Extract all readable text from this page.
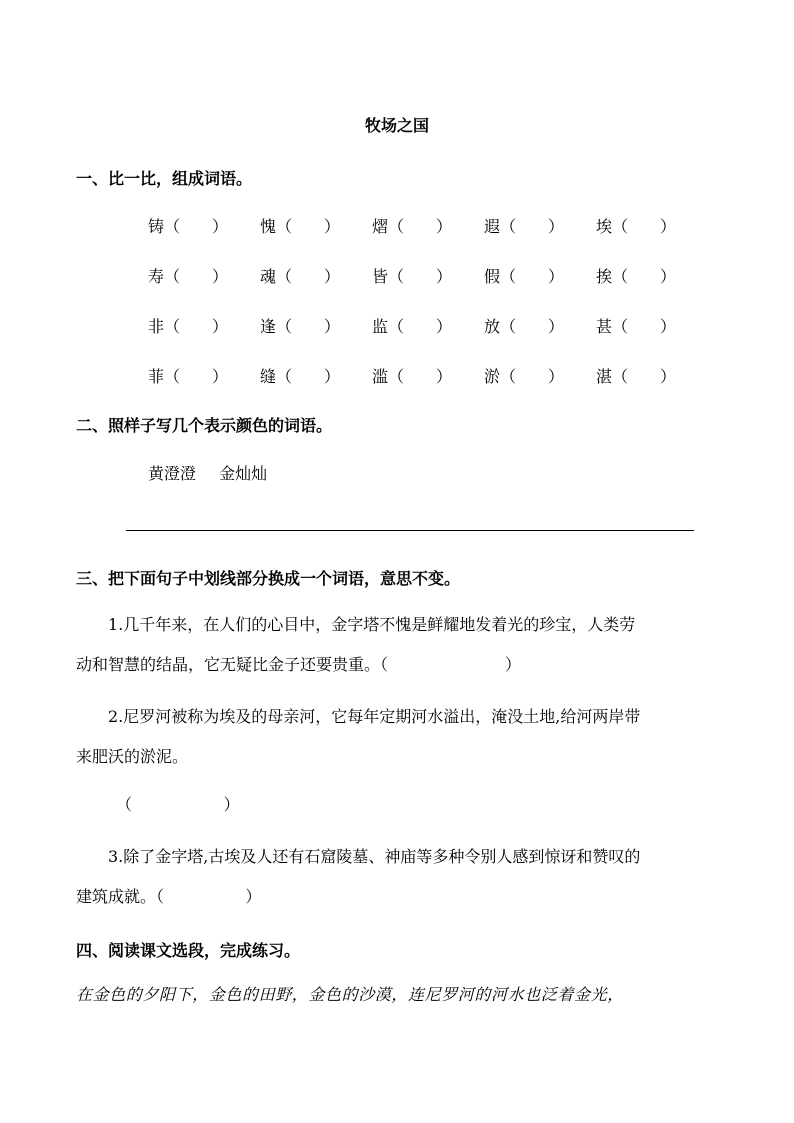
牧场之国
一、比一比，组成词语。
铸（　　） 愧（　　） 熠（　　） 遐（　　） 埃（　　）
寿（　　） 魂（　　） 皆（　　） 假（　　） 挨（　　）
非（　　） 逢（　　） 监（　　） 放（　　） 甚（　　）
菲（　　） 缝（　　） 滥（　　） 淤（　　） 湛（　　）
二、照样子写几个表示颜色的词语。
黄澄澄 金灿灿
三、把下面句子中划线部分换成一个词语，意思不变。
1.几千年来，在人们的心目中，金字塔不愧是鲜耀地发着光的珍宝，人类劳
动和智慧的结晶，它无疑比金子还要贵重。（	）
2.尼罗河被称为埃及的母亲河，它每年定期河水溢出，淹没土地,给河两岸带
来肥沃的淤泥。
（	）
3.除了金字塔,古埃及人还有石窟陵墓、神庙等多种令别人感到惊讶和赞叹的
建筑成就。（	）
四、阅读课文选段，完成练习。
在金色的夕阳下，金色的田野，金色的沙漠，连尼罗河的河水也泛着金光，
